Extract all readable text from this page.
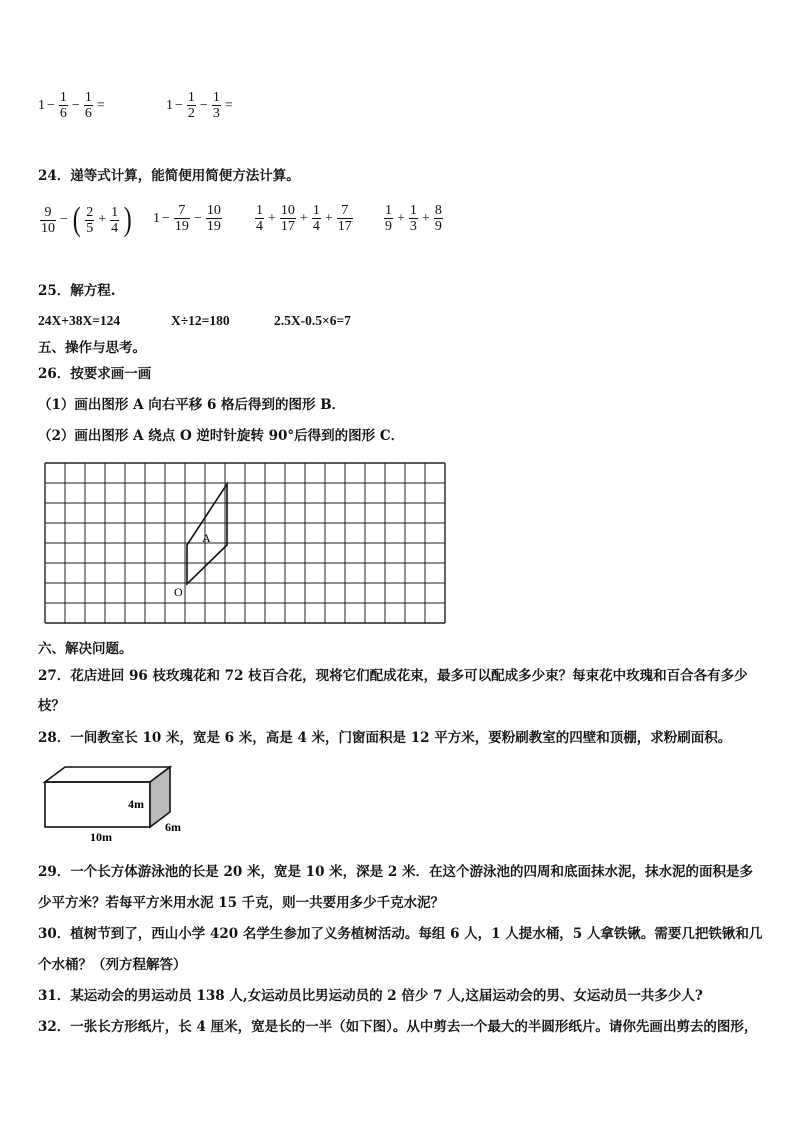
$1 - \frac{1}{6} - \frac{1}{6}$ =	$1 - \frac{1}{2} - \frac{1}{3}$ =
24．递等式计算，能简便用简便方法计算。
$\frac{9}{10}$ − ( $\frac{2}{5} + \frac{1}{4}$ ) $1 - \frac{7}{19} - \frac{10}{19} \frac{1}{4} + \frac{10}{17} + \frac{1}{4} + \frac{7}{17} \frac{1}{9} + \frac{1}{3} + \frac{8}{9}$
25．解方程.
24X+38X=124	X÷12=180	2.5X-0.5×6=7
五、操作与思考。
26．按要求画一画
（1）画出图形 A 向右平移 6 格后得到的图形 B．
（2）画出图形 A 绕点 O 逆时针旋转 90°后得到的图形 C．
A
O
六、解决问题。
27．花店进回 96 枝玫瑰花和 72 枝百合花，现将它们配成花束，最多可以配成多少束？每束花中玫瑰和百合各有多少
枝？
28．一间教室长 10 米，宽是 6 米，高是 4 米，门窗面积是 12 平方米，要粉刷教室的四壁和顶棚，求粉刷面积。
4m
6m
10m
29．一个长方体游泳池的长是 20 米，宽是 10 米，深是 2 米．在这个游泳池的四周和底面抹水泥，抹水泥的面积是多
少平方米？若每平方米用水泥 15 千克，则一共要用多少千克水泥？
30．植树节到了，西山小学 420 名学生参加了义务植树活动。每组 6 人，1 人提水桶，5 人拿铁锹。需要几把铁锹和几
个水桶？（列方程解答）
31．某运动会的男运动员 138 人,女运动员比男运动员的 2 倍少 7 人,这届运动会的男、女运动员一共多少人?
32．一张长方形纸片，长 4 厘米，宽是长的一半（如下图）。从中剪去一个最大的半圆形纸片。请你先画出剪去的图形，
